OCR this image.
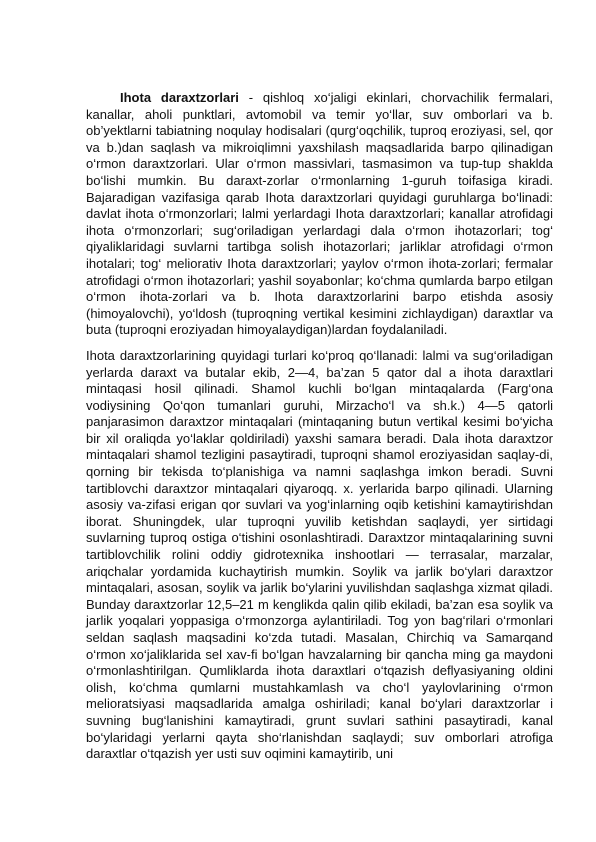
Ihota daraxtzorlari - qishloq xo‘jaligi ekinlari, chorvachilik fermalari, kanallar, aholi punktlari, avtomobil va temir yo‘llar, suv omborlari va b. ob’yektlarni tabiatning noqulay hodisalari (qurg‘oqchilik, tuproq eroziyasi, sel, qor va b.)dan saqlash va mikroiqlimni yaxshilash maqsadlarida barpo qilinadigan o‘rmon daraxtzorlari. Ular o‘rmon massivlari, tasmasimon va tup-tup shaklda bo‘lishi mumkin. Bu daraxt-zorlar o‘rmonlarning 1-guruh toifasiga kiradi. Bajaradigan vazifasiga qarab Ihota daraxtzorlari quyidagi guruhlarga bo‘linadi: davlat ihota o‘rmonzorlari; lalmi yerlardagi Ihota daraxtzorlari; kanallar atrofidagi ihota o‘rmonzorlari; sug‘oriladigan yerlardagi dala o‘rmon ihotazorlari; tog‘ qiyaliklaridagi suvlarni tartibga solish ihotazorlari; jarliklar atrofidagi o‘rmon ihotalari; tog‘ meliorativ Ihota daraxtzorlari; yaylov o‘rmon ihota-zorlari; fermalar atrofidagi o‘rmon ihotazorlari; yashil soyabonlar; ko‘chma qumlarda barpo etilgan o‘rmon ihota-zorlari va b. Ihota daraxtzorlarini barpo etishda asosiy (himoyalovchi), yo‘ldosh (tuproqning vertikal kesimini zichlaydigan) daraxtlar va buta (tuproqni eroziyadan himoyalaydigan)lardan foydalaniladi.

Ihota daraxtzorlarining quyidagi turlari ko‘proq qo‘llanadi: lalmi va sug‘oriladigan yerlarda daraxt va butalar ekib, 2—4, ba’zan 5 qator dal a ihota daraxtlari mintaqasi hosil qilinadi. Shamol kuchli bo‘lgan mintaqalarda (Farg‘ona vodiysining Qo‘qon tumanlari guruhi, Mirzacho‘l va sh.k.) 4—5 qatorli panjarasimon daraxtzor mintaqalari (mintaqaning butun vertikal kesimi bo‘yicha bir xil oraliqda yo‘laklar qoldiriladi) yaxshi samara beradi. Dala ihota daraxtzor mintaqalari shamol tezligini pasaytiradi, tuproqni shamol eroziyasidan saqlay-di, qorning bir tekisda to‘planishiga va namni saqlashga imkon beradi. Suvni tartiblovchi daraxtzor mintaqalari qiyaroqq. x. yerlarida barpo qilinadi. Ularning asosiy va-zifasi erigan qor suvlari va yog‘inlarning oqib ketishini kamaytirishdan iborat. Shuningdek, ular tuproqni yuvilib ketishdan saqlaydi, yer sirtidagi suvlarning tuproq ostiga o‘tishini osonlashtiradi. Daraxtzor mintaqalarining suvni tartiblovchilik rolini oddiy gidrotexnika inshootlari — terrasalar, marzalar, ariqchalar yordamida kuchaytirish mumkin. Soylik va jarlik bo‘ylari daraxtzor mintaqalari, asosan, soylik va jarlik bo‘ylarini yuvilishdan saqlashga xizmat qiladi. Bunday daraxtzorlar 12,5–21 m kenglikda qalin qilib ekiladi, ba’zan esa soylik va jarlik yoqalari yoppasiga o‘rmonzorga aylantiriladi. Tog yon bag‘rilari o‘rmonlari seldan saqlash maqsadini ko‘zda tutadi. Masalan, Chirchiq va Samarqand o‘rmon xo‘jaliklarida sel xav-fi bo‘lgan havzalarning bir qancha ming ga maydoni o‘rmonlashtirilgan. Qumliklarda ihota daraxtlari o‘tqazish deflyasiyaning oldini olish, ko‘chma qumlarni mustahkamlash va cho‘l yaylovlarining o‘rmon melioratsiyasi maqsadlarida amalga oshiriladi; kanal bo‘ylari daraxtzorlar i suvning bug‘lanishini kamaytiradi, grunt suvlari sathini pasaytiradi, kanal bo‘ylaridagi yerlarni qayta sho‘rlanishdan saqlaydi; suv omborlari atrofiga daraxtlar o‘tqazish yer usti suv oqimini kamaytirib, uni
